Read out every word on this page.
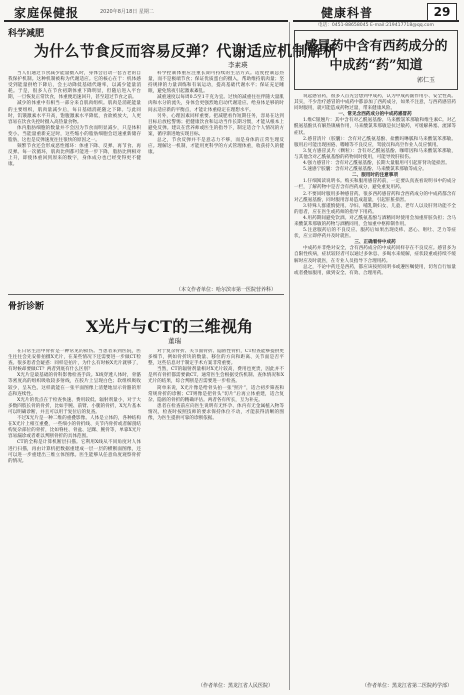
家庭保健报	2020年8月18日 星期二	健康科普	29
电话：0451-88658045 E-mail:219417718@qq.com
科学减肥
为什么节食反而容易反弹？代谢适应机制解析
李素瑛

当人们通过节食减少能量摄入时，身体会启动一套古老的自我保护机制。这种机制被称为代谢适应。它的核心在于：机体感受到能量供给下降后，会主动降低基础代谢率，以减少能量消耗。于是，很多人在节食初期体重下降明显，但随后进入平台期，一旦恢复正常饮食，体重便迅速回升，甚至超过节食之前。

减少的体重中有相当一部分来自肌肉组织。肌肉是消耗能量的主要组织，肌肉量减少后，每日基础消耗随之下降。与此同时，饥饿激素水平升高，饱腹激素水平降低，食欲被放大，人更容易在饮食失控时摄入高热量食物。

体内脂肪细胞的数量并不会因为节食而明显减少，只是体积变小。当能量重新充足时，这些缩小的脂肪细胞会迅速重新储存脂肪，这也是反弹速度往往很快的原因之一。

频繁节食还会形成恶性循环：体重下降、反弹、再节食、再反弹。每一次循环，肌肉比例都可能进一步下降，脂肪比例相对上升，即使体重回到原来的数字，身体成分也已经变得更不健康。

科学控制体重应注重长期可持续的生活方式。适度控制总热量，而不是极端节食；保证优质蛋白的摄入，帮助维持肌肉量；坚持规律的力量训练和有氧运动，提高基础代谢水平；保证充足睡眠，避免熬夜引起激素紊乱。

减重速度以每周0.5至1千克为宜。过快的减重往往伴随大量肌肉和水分的流失，身体会更强烈地启动代谢适应。给身体足够的时间去适应新的平衡点，才能让体重稳定在理想水平。

另外，心理因素同样重要。把减肥看作短期任务，容易在达到目标后放松警惕；把健康饮食和运动当作长期习惯，才能从根本上避免反弹。建议在营养师或医生的指导下，制定适合个人情况的方案，循序渐进地实现目标。

总之，节食反弹并不是意志力不够，而是身体的正常生理反应。理解这一机制，才能用更科学的方式管理体重，收获持久的健康。

（本文作者单位：哈尔滨市第一医院营养科）
骨折诊断
X光片与CT的三维视角
董瑞

在日常生活中骨折是一种常见的损伤。当患者来到医院，医生往往会先安排拍摄X光片，在某些情况下还需要进一步做CT检查。很多患者会疑惑：同样是拍片，为什么有时候X光片就够了，有时候却要做CT？两者到底有什么区别？

X光片是最基础的骨科影像检查手段。X线穿透人体时，骨骼等密度高的组织吸收较多射线，在胶片上呈现白色；软组织吸收较少，呈灰色。这样就能在一张平面图像上清楚地显示骨骼的形态和连续性。

X光片的优点在于检查快速、费用较低、辐射剂量小，对于大多数四肢长骨的骨折，比如手腕、前臂、小腿的骨折，X光片基本可以明确诊断，并且可以用于复位后的复查。

不过X光片是一种二维的重叠影像。人体是立体的，各种结构在X光片上相互重叠，一些细小的骨折线、关节内骨折或者解剖结构复杂部位的骨折，比如脊柱、骨盆、足踝、腕骨等，单靠X光片容易漏诊或者难以判断骨折的具体范围。

CT的全称是计算机断层扫描。它利用X线从不同角度对人体进行扫描，再由计算机把数据重建成一层一层的横断面图像，还可以进一步重建出三维立体图像。医生能够从任意角度观察骨折的情况。

对于复杂骨折、关节面骨折、隐匿性骨折，CT检查能够提供更多细节，例如骨折块的数量、移位的方向和距离、关节面是否平整，这些信息对于制定手术方案非常重要。

当然，CT的辐射剂量相对X光片较高，费用也更贵，因此并不是所有骨折都需要做CT。通常医生会根据受伤机制、查体情况和X光片的结果，综合判断是否需要进一步检查。

简单来说，X光片像是给骨头拍一张“照片”，适合初步筛查和常规骨折的诊断；CT则像是把骨头“切片”后再立体重建，适合复杂、隐匿的骨折的精确评估。两者各有所长，互为补充。

患者在检查前应向医生说明有无怀孕、体内有无金属植入物等情况，检查时按照技师的要求保持体位不动，才能获得清晰的图像，为医生提供可靠的诊断依据。

（作者单位：黑龙江省人民医院）
感冒药中含有西药成分的
中成药“药”知道
郭仁玉

说起感冒药，很多人首先会想到中成药，认为中成药副作用小、安全性高。其实，不少治疗感冒的中成药中都添加了西药成分，如果不注意，与西药感冒药同时服用，就可能造成药物过量，带来健康风险。

一、常见含西药成分的中成药感冒药

1.维C银翘片：其中含有对乙酰氨基酚、马来酸氯苯那敏和维生素C。对乙酰氨基酚具有解热镇痛作用，马来酸氯苯那敏是抗过敏药，可缓解鼻塞、流涕等症状。

2.感冒清片（胶囊）：含有对乙酰氨基酚、盐酸吗啉胍和马来酸氯苯那敏。服用后可能出现困倦、嗜睡等不良反应，驾驶员和高空作业人员应慎用。

3.复方感冒灵片（颗粒）：含有对乙酰氨基酚、咖啡因和马来酸氯苯那敏，与其他含对乙酰氨基酚的药物同时使用，可能导致肝损伤。

4.强力感冒片：含有对乙酰氨基酚，长期大量服用可引起肝肾功能损害。

5.速感宁胶囊：含有对乙酰氨基酚、马来酸氯苯那敏等成分。

二、服用时的注意事项

1.仔细阅读说明书。购买和服用感冒药前，一定要认真查看说明书中的成分一栏，了解药物中是否含有西药成分，避免重复用药。

2.不要同时服用多种感冒药。很多西药感冒药和含西药成分的中成药都含有对乙酰氨基酚，同时服用容易造成超量，引起肝脏损害。

3.特殊人群谨慎使用。孕妇、哺乳期妇女、儿童、老年人以及肝肾功能不全的患者，应在医生或药师的指导下用药。

4.用药期间避免饮酒。对乙酰氨基酚与酒精同时使用会加重肝脏负担；含马来酸氯苯那敏的药物与酒精同用，会加重中枢抑制作用。

5.注意服药后的不良反应。服药后如果出现皮疹、恶心、呕吐、乏力等症状，应立即停药并及时就医。

三、正确看待中成药

中成药并非绝对安全，含有西药成分的中成药同样存在不良反应。感冒多为自限性疾病，症状较轻者可以通过多休息、多喝水来缓解，症状较重或持续不缓解时应及时就医，在专业人员指导下合理用药。

总之，不论中药还是西药，都应该按照说明书或遵医嘱使用，切勿自行加量或者叠加服用，做到安全、有效、合理用药。

（作者单位：黑龙江省第二医院药学部）
